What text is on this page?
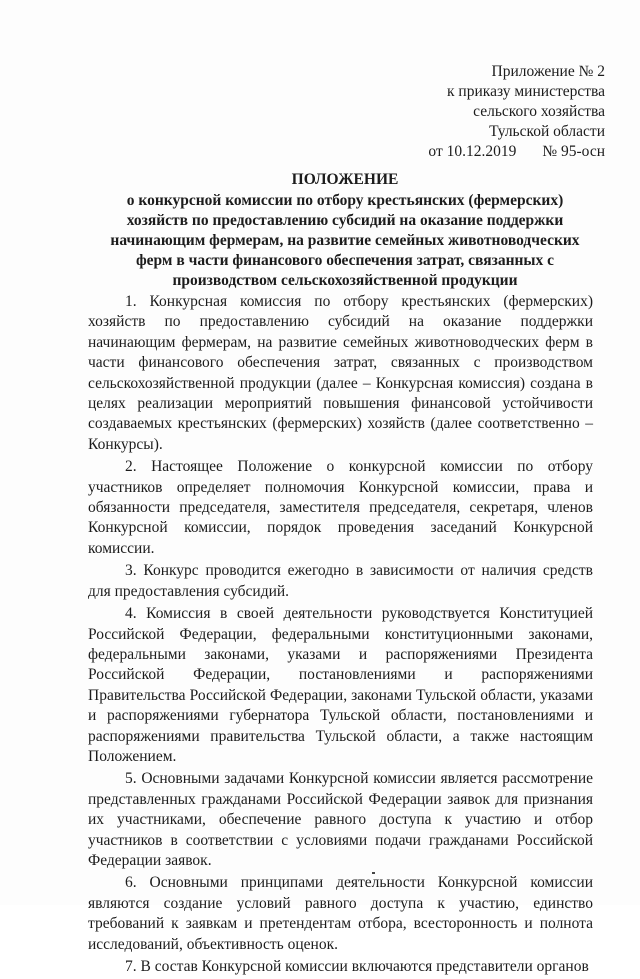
Приложение № 2
к приказу министерства
сельского хозяйства
Тульской области
от 10.12.2019 № 95-осн
ПОЛОЖЕНИЕ
о конкурсной комиссии по отбору крестьянских (фермерских) хозяйств по предоставлению субсидий на оказание поддержки начинающим фермерам, на развитие семейных животноводческих ферм в части финансового обеспечения затрат, связанных с производством сельскохозяйственной продукции

1. Конкурсная комиссия по отбору крестьянских (фермерских) хозяйств по предоставлению субсидий на оказание поддержки начинающим фермерам, на развитие семейных животноводческих ферм в части финансового обеспечения затрат, связанных с производством сельскохозяйственной продукции (далее – Конкурсная комиссия) создана в целях реализации мероприятий повышения финансовой устойчивости создаваемых крестьянских (фермерских) хозяйств (далее соответственно – Конкурсы).

2. Настоящее Положение о конкурсной комиссии по отбору участников определяет полномочия Конкурсной комиссии, права и обязанности председателя, заместителя председателя, секретаря, членов Конкурсной комиссии, порядок проведения заседаний Конкурсной комиссии.

3. Конкурс проводится ежегодно в зависимости от наличия средств для предоставления субсидий.

4. Комиссия в своей деятельности руководствуется Конституцией Российской Федерации, федеральными конституционными законами, федеральными законами, указами и распоряжениями Президента Российской Федерации, постановлениями и распоряжениями Правительства Российской Федерации, законами Тульской области, указами и распоряжениями губернатора Тульской области, постановлениями и распоряжениями правительства Тульской области, а также настоящим Положением.

5. Основными задачами Конкурсной комиссии является рассмотрение представленных гражданами Российской Федерации заявок для признания их участниками, обеспечение равного доступа к участию и отбор участников в соответствии с условиями подачи гражданами Российской Федерации заявок.

6. Основными принципами деятельности Конкурсной комиссии являются создание условий равного доступа к участию, единство требований к заявкам и претендентам отбора, всесторонность и полнота исследований, объективность оценок.

7. В состав Конкурсной комиссии включаются представители органов
